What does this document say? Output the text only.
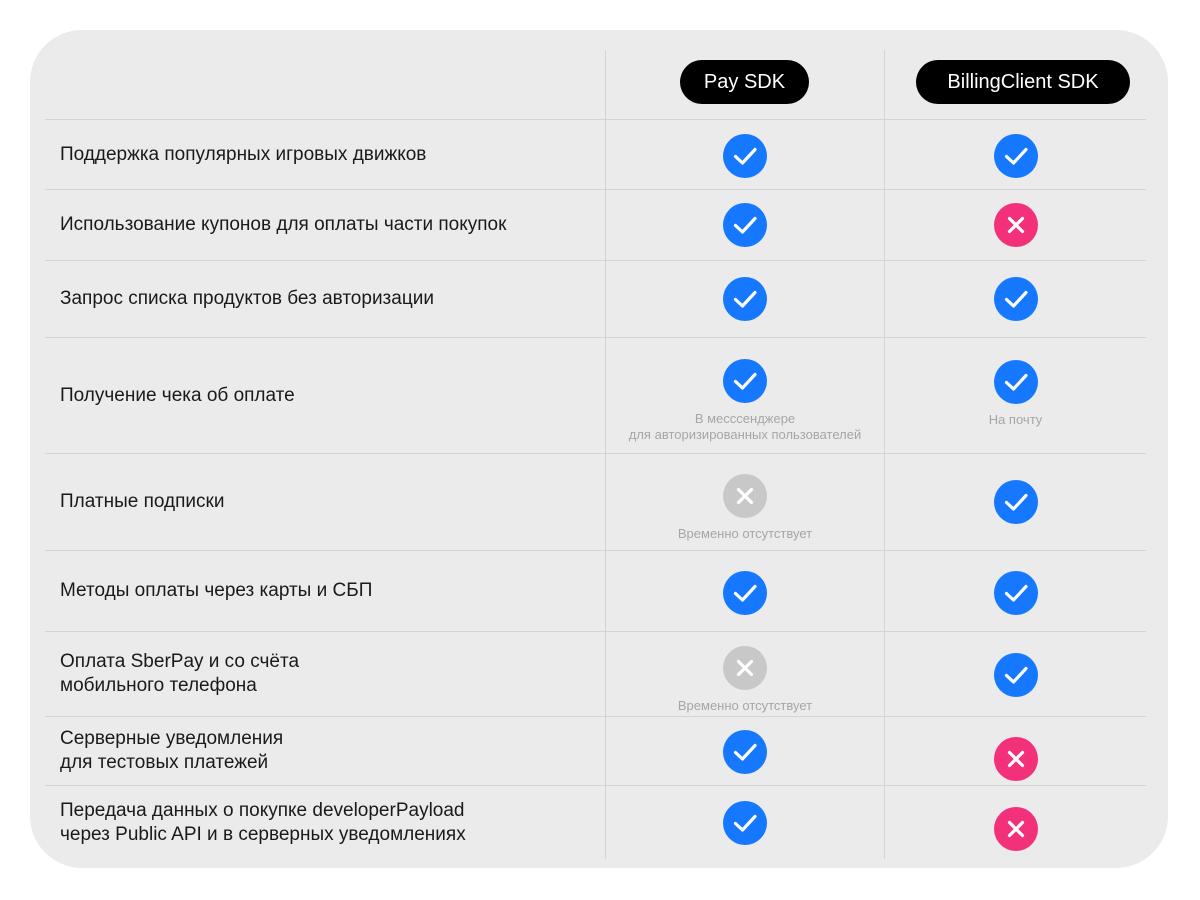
Pay SDK	BillingClient SDK
Поддержка популярных игровых движков
Использование купонов для оплаты части покупок
Запрос списка продуктов без авторизации
Получение чека об оплате
В месссенджере
для авторизированных пользователей
На почту
Платные подписки
Временно отсутствует
Методы оплаты через карты и СБП
Оплата SberPay и со счёта
мобильного телефона
Временно отсутствует
Серверные уведомления
для тестовых платежей
Передача данных о покупке developerPayload
через Public API и в серверных уведомлениях
